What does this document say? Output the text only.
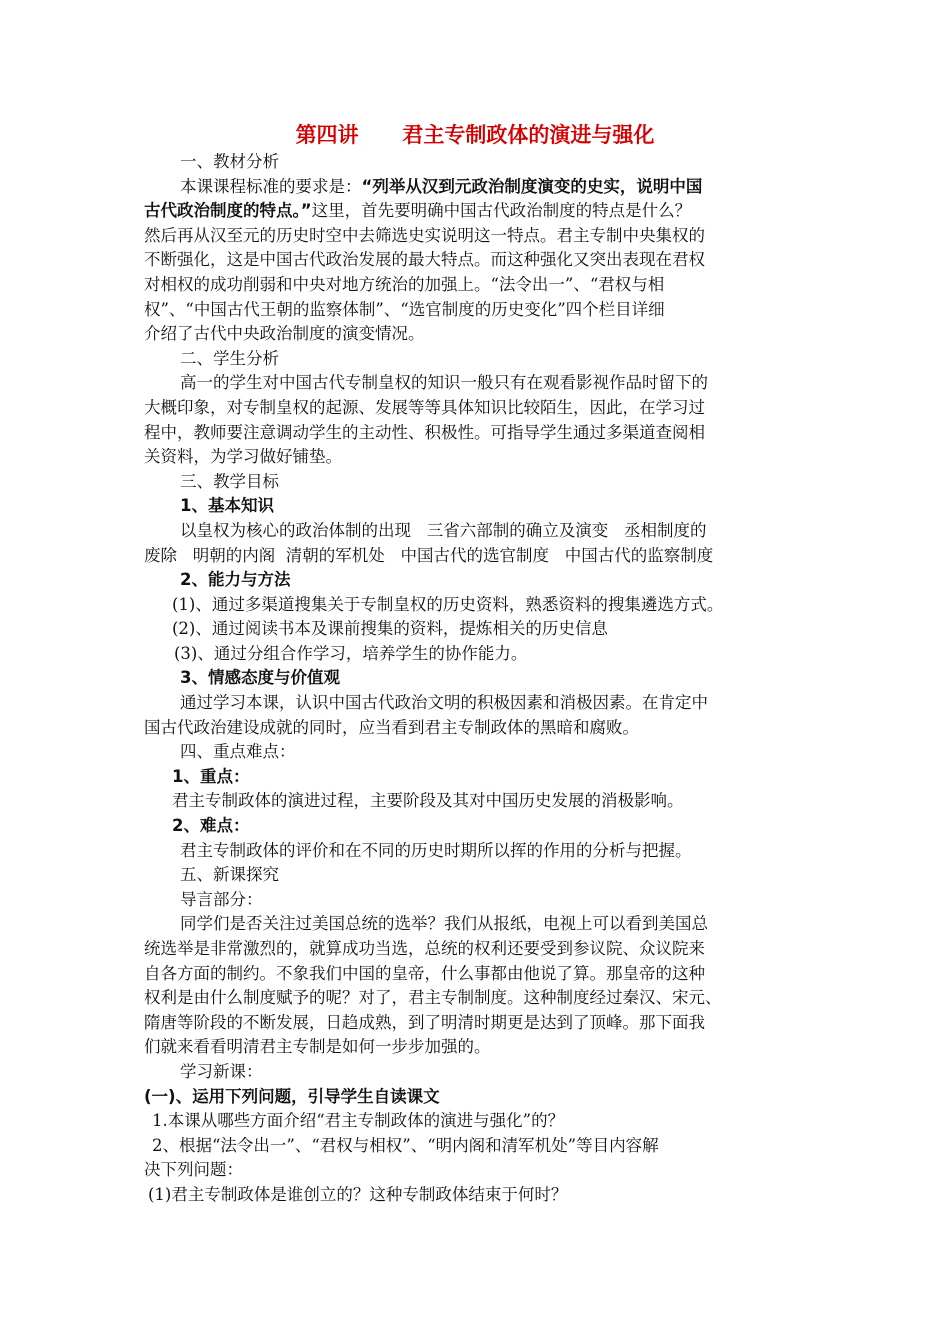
第四讲      君主专制政体的演进与强化
一、教材分析
本课课程标准的要求是：“列举从汉到元政治制度演变的史实，说明中国
古代政治制度的特点。”这里，首先要明确中国古代政治制度的特点是什么？
然后再从汉至元的历史时空中去筛选史实说明这一特点。君主专制中央集权的
不断强化，这是中国古代政治发展的最大特点。而这种强化又突出表现在君权
对相权的成功削弱和中央对地方统治的加强上。“法令出一”、“君权与相
权”、“中国古代王朝的监察体制”、“选官制度的历史变化”四个栏目详细
介绍了古代中央政治制度的演变情况。
二、学生分析
高一的学生对中国古代专制皇权的知识一般只有在观看影视作品时留下的
大概印象，对专制皇权的起源、发展等等具体知识比较陌生，因此，在学习过
程中，教师要注意调动学生的主动性、积极性。可指导学生通过多渠道查阅相
关资料，为学习做好铺垫。
三、教学目标
1、基本知识
以皇权为核心的政治体制的出现   三省六部制的确立及演变   丞相制度的
废除   明朝的内阁  清朝的军机处   中国古代的选官制度   中国古代的监察制度
2、能力与方法
(1)、通过多渠道搜集关于专制皇权的历史资料，熟悉资料的搜集遴选方式。
(2)、通过阅读书本及课前搜集的资料，提炼相关的历史信息
(3)、通过分组合作学习，培养学生的协作能力。
3、情感态度与价值观
通过学习本课，认识中国古代政治文明的积极因素和消极因素。在肯定中
国古代政治建设成就的同时，应当看到君主专制政体的黑暗和腐败。
四、重点难点：
1、重点：
君主专制政体的演进过程，主要阶段及其对中国历史发展的消极影响。
2、难点：
君主专制政体的评价和在不同的历史时期所以挥的作用的分析与把握。
五、新课探究
导言部分：
同学们是否关注过美国总统的选举？我们从报纸，电视上可以看到美国总
统选举是非常激烈的，就算成功当选，总统的权利还要受到参议院、众议院来
自各方面的制约。不象我们中国的皇帝，什么事都由他说了算。那皇帝的这种
权利是由什么制度赋予的呢？对了，君主专制制度。这种制度经过秦汉、宋元、
隋唐等阶段的不断发展，日趋成熟，到了明清时期更是达到了顶峰。那下面我
们就来看看明清君主专制是如何一步步加强的。
学习新课：
(一)、运用下列问题，引导学生自读课文
1.本课从哪些方面介绍“君主专制政体的演进与强化”的？
2、根据“法令出一”、“君权与相权”、“明内阁和清军机处”等目内容解
决下列问题：
(1)君主专制政体是谁创立的？这种专制政体结束于何时？
